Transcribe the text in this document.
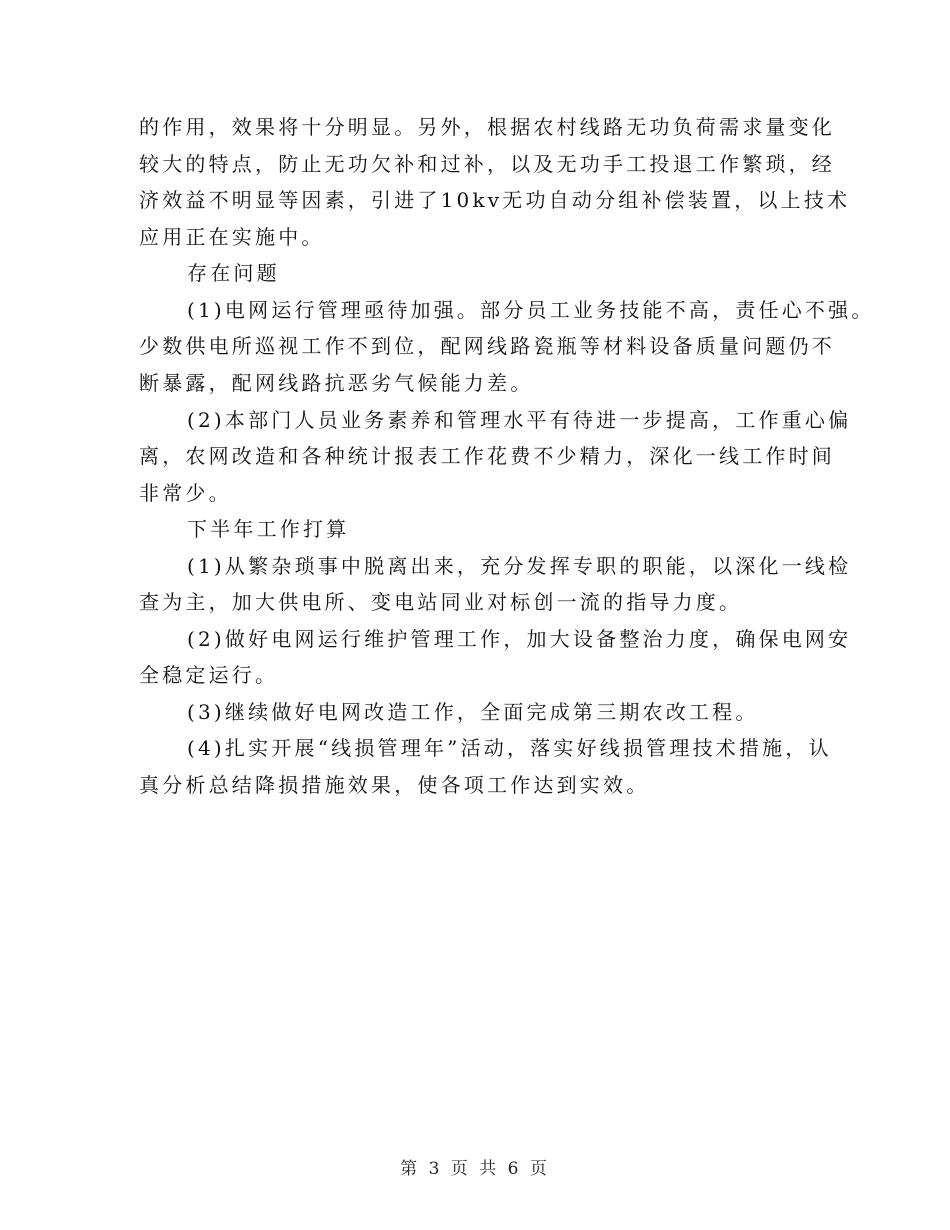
的作用，效果将十分明显。另外，根据农村线路无功负荷需求量变化
较大的特点，防止无功欠补和过补，以及无功手工投退工作繁琐，经
济效益不明显等因素，引进了10kv无功自动分组补偿装置，以上技术
应用正在实施中。
存在问题
(1)电网运行管理亟待加强。部分员工业务技能不高，责任心不强。
少数供电所巡视工作不到位，配网线路瓷瓶等材料设备质量问题仍不
断暴露，配网线路抗恶劣气候能力差。
(2)本部门人员业务素养和管理水平有待进一步提高，工作重心偏
离，农网改造和各种统计报表工作花费不少精力，深化一线工作时间
非常少。
下半年工作打算
(1)从繁杂琐事中脱离出来，充分发挥专职的职能，以深化一线检
查为主，加大供电所、变电站同业对标创一流的指导力度。
(2)做好电网运行维护管理工作，加大设备整治力度，确保电网安
全稳定运行。
(3)继续做好电网改造工作，全面完成第三期农改工程。
(4)扎实开展“线损管理年”活动，落实好线损管理技术措施，认
真分析总结降损措施效果，使各项工作达到实效。
第 3 页 共 6 页
